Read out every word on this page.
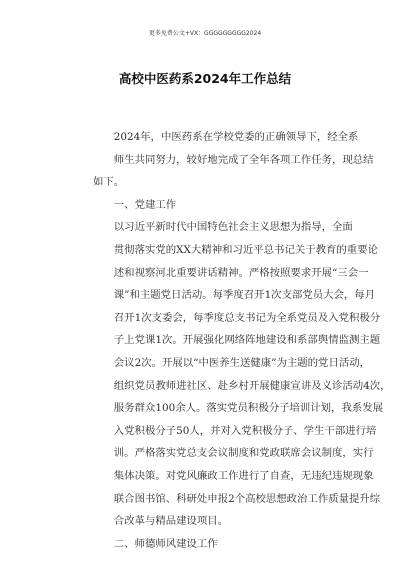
更多免费公文+VX：GGGGGGGGG2024
高校中医药系2024年工作总结

2024年，中医药系在学校党委的正确领导下，经全系
师生共同努力，较好地完成了全年各项工作任务，现总结
如下。

一、党建工作

以习近平新时代中国特色社会主义思想为指导，全面
贯彻落实党的XX大精神和习近平总书记关于教育的重要论
述和视察河北重要讲话精神。严格按照要求开展“三会一
课”和主题党日活动。每季度召开1次支部党员大会，每月
召开1次支委会，每季度总支书记为全系党员及入党积极分
子上党课1次。开展强化网络阵地建设和系部舆情监测主题
会议2次。开展以“中医养生送健康”为主题的党日活动，
组织党员教师进社区、赴乡村开展健康宣讲及义诊活动4次，
服务群众100余人。落实党员积极分子培训计划，我系发展
入党积极分子50人，并对入党积极分子、学生干部进行培
训。严格落实党总支会议制度和党政联席会议制度，实行
集体决策。对党风廉政工作进行了自查，无违纪违规现象
联合图书馆、科研处申报2个高校思想政治工作质量提升综
合改革与精品建设项目。

二、师德师风建设工作
